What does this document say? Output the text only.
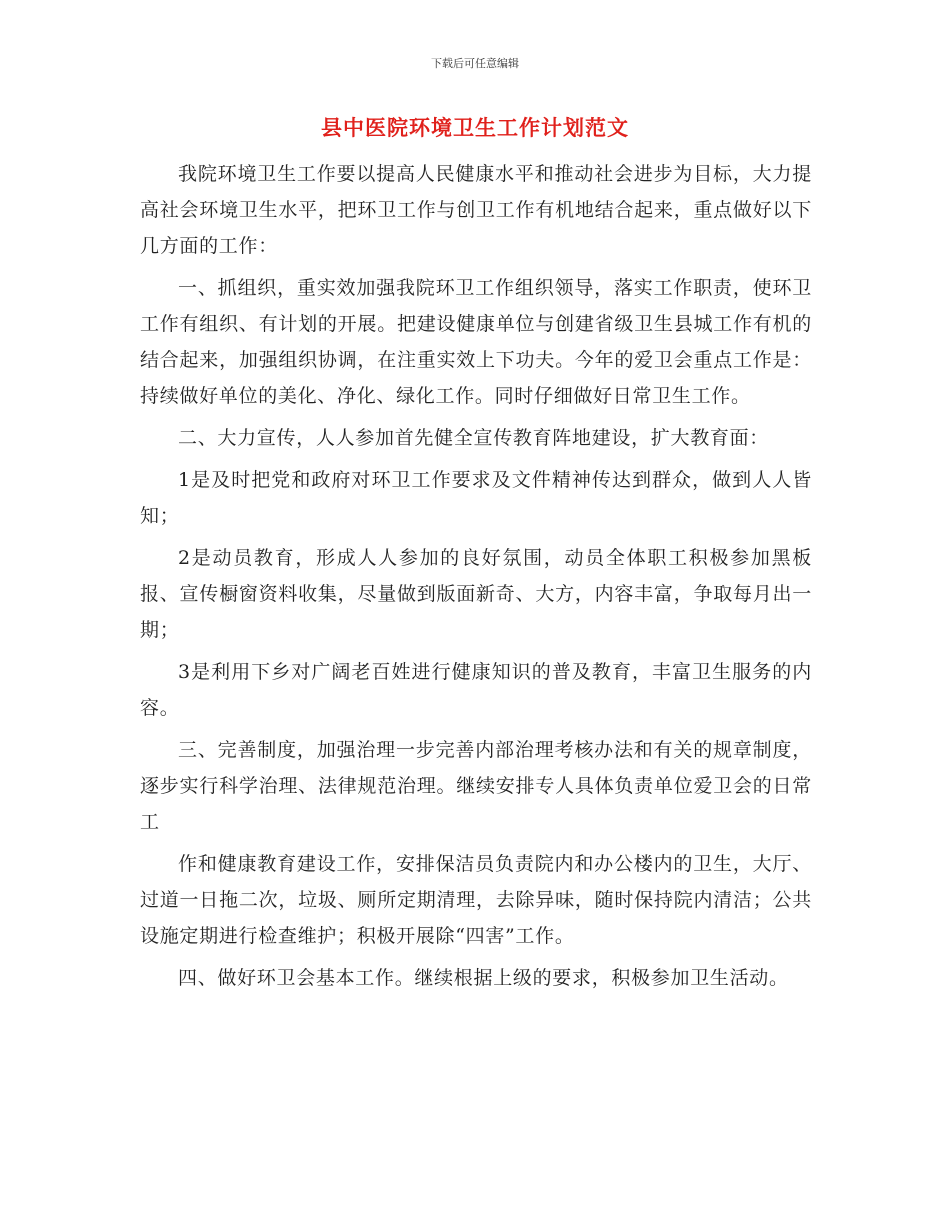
下载后可任意编辑
县中医院环境卫生工作计划范文

我院环境卫生工作要以提高人民健康水平和推动社会进步为目标，大力提高社会环境卫生水平，把环卫工作与创卫工作有机地结合起来，重点做好以下几方面的工作：

一、抓组织，重实效加强我院环卫工作组织领导，落实工作职责，使环卫工作有组织、有计划的开展。把建设健康单位与创建省级卫生县城工作有机的结合起来，加强组织协调，在注重实效上下功夫。今年的爱卫会重点工作是：持续做好单位的美化、净化、绿化工作。同时仔细做好日常卫生工作。

二、大力宣传，人人参加首先健全宣传教育阵地建设，扩大教育面：

1是及时把党和政府对环卫工作要求及文件精神传达到群众，做到人人皆知；

2是动员教育，形成人人参加的良好氛围，动员全体职工积极参加黑板报、宣传橱窗资料收集，尽量做到版面新奇、大方，内容丰富，争取每月出一期；

3是利用下乡对广阔老百姓进行健康知识的普及教育，丰富卫生服务的内容。

三、完善制度，加强治理一步完善内部治理考核办法和有关的规章制度，逐步实行科学治理、法律规范治理。继续安排专人具体负责单位爱卫会的日常工

作和健康教育建设工作，安排保洁员负责院内和办公楼内的卫生，大厅、过道一日拖二次，垃圾、厕所定期清理，去除异味，随时保持院内清洁；公共设施定期进行检查维护；积极开展除“四害”工作。

四、做好环卫会基本工作。继续根据上级的要求，积极参加卫生活动。
